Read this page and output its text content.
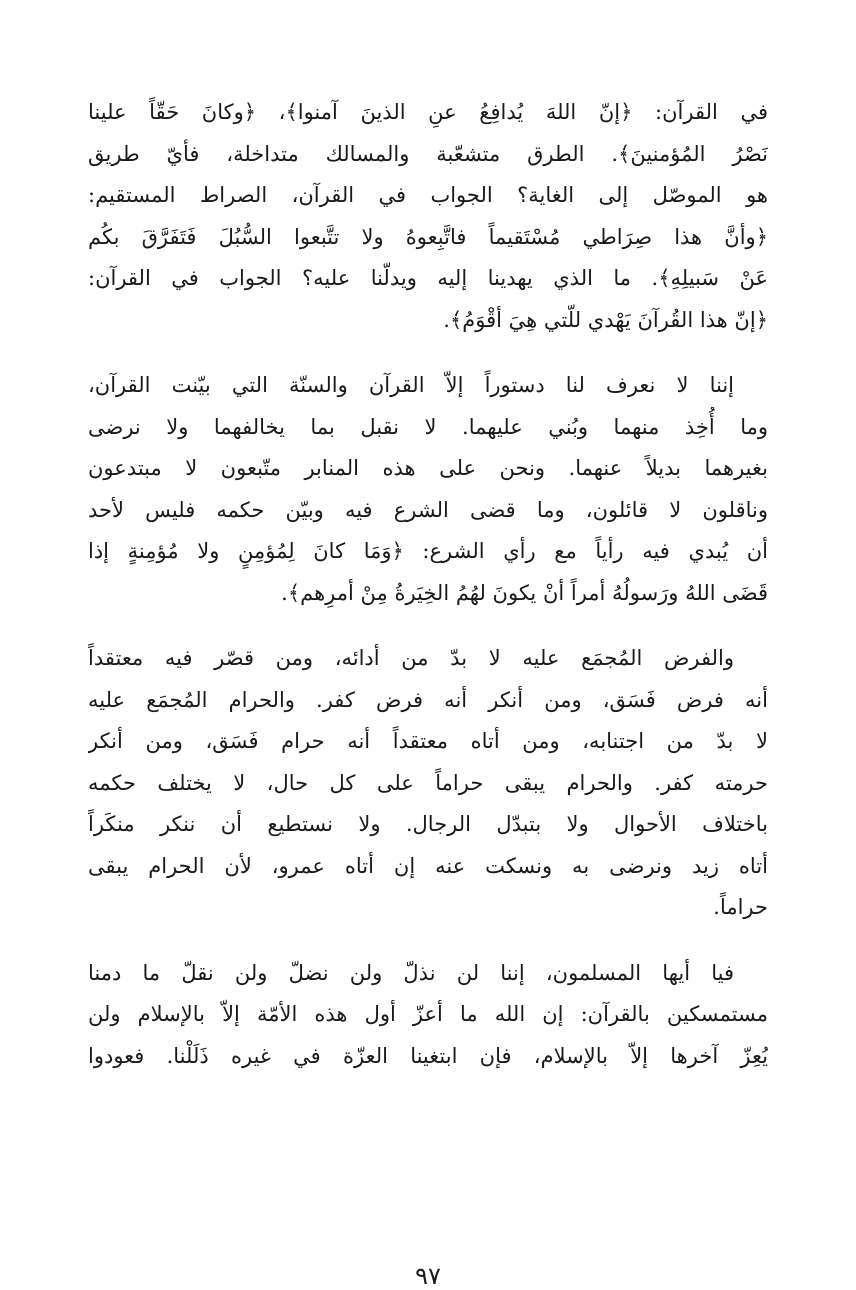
في القرآن: ﴿إنّ اللهَ يُدافِعُ عنِ الذينَ آمنوا﴾، ﴿وكانَ حَقّاً علينا
نَصْرُ المُؤمنينَ﴾. الطرق متشعّبة والمسالك متداخلة، فأيّ طريق
هو الموصّل إلى الغاية؟ الجواب في القرآن، الصراط المستقيم:
﴿وأنَّ هذا صِرَاطي مُسْتَقيماً فاتَّبِعوهُ ولا تتَّبعوا السُّبُلَ فَتَفَرَّقَ بكُم
عَنْ سَبيلِهِ﴾. ما الذي يهدينا إليه ويدلّنا عليه؟ الجواب في القرآن:
﴿إنّ هذا القُرآنَ يَهْدي للّتي هِيَ أقْوَمُ﴾.
إننا لا نعرف لنا دستوراً إلاّ القرآن والسنّة التي بيّنت القرآن،
وما أُخِذ منهما وبُني عليهما. لا نقبل بما يخالفهما ولا نرضى
بغيرهما بديلاً عنهما. ونحن على هذه المنابر متّبعون لا مبتدعون
وناقلون لا قائلون، وما قضى الشرع فيه وبيّن حكمه فليس لأحد
أن يُبدي فيه رأياً مع رأي الشرع: ﴿وَمَا كانَ لِمُؤمِنٍ ولا مُؤمِنةٍ إذا
قَضَى اللهُ ورَسولُهُ أمراً أنْ يكونَ لهُمُ الخِيَرةُ مِنْ أمرِهم﴾.
والفرض المُجمَع عليه لا بدّ من أدائه، ومن قصّر فيه معتقداً
أنه فرض فَسَق، ومن أنكر أنه فرض كفر. والحرام المُجمَع عليه
لا بدّ من اجتنابه، ومن أتاه معتقداً أنه حرام فَسَق، ومن أنكر
حرمته كفر. والحرام يبقى حراماً على كل حال، لا يختلف حكمه
باختلاف الأحوال ولا بتبدّل الرجال. ولا نستطيع أن ننكر منكَراً
أتاه زيد ونرضى به ونسكت عنه إن أتاه عمرو، لأن الحرام يبقى
حراماً.
فيا أيها المسلمون، إننا لن نذلّ ولن نضلّ ولن نقلّ ما دمنا
مستمسكين بالقرآن: إن الله ما أعزّ أول هذه الأمّة إلاّ بالإسلام ولن
يُعِزّ آخرها إلاّ بالإسلام، فإن ابتغينا العزّة في غيره ذَلَلْنا. فعودوا
٩٧
